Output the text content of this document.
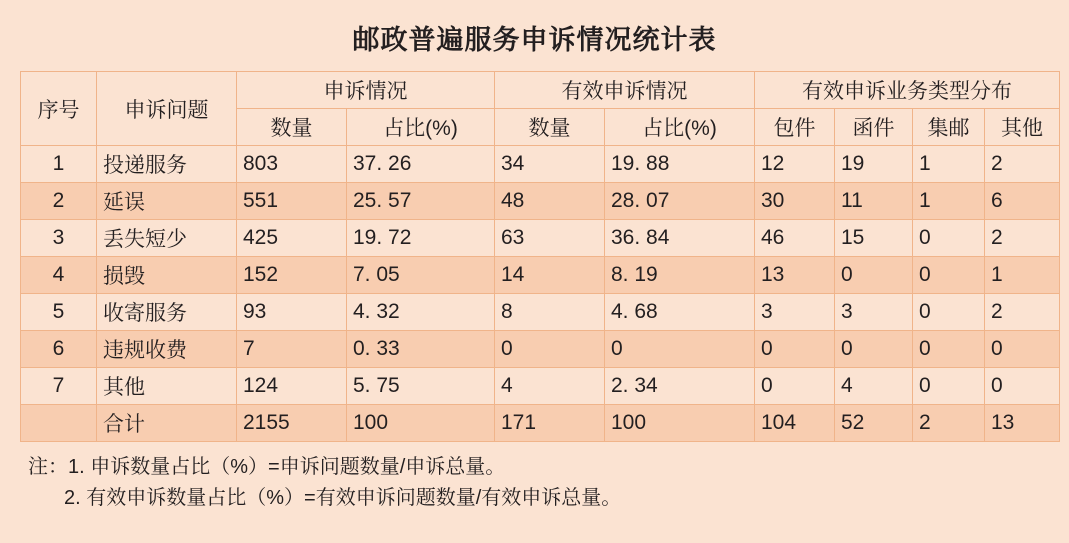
邮政普遍服务申诉情况统计表
序号	申诉问题	申诉情况		有效申诉情况		有效申诉业务类型分布			
		数量	占比(%)	数量	占比(%)	包件	函件	集邮	其他
1	投递服务	803	37. 26	34	19. 88	12	19	1	2
2	延误	551	25. 57	48	28. 07	30	11	1	6
3	丢失短少	425	19. 72	63	36. 84	46	15	0	2
4	损毁	152	7. 05	14	8. 19	13	0	0	1
5	收寄服务	93	4. 32	8	4. 68	3	3	0	2
6	违规收费	7	0. 33	0	0	0	0	0	0
7	其他	124	5. 75	4	2. 34	0	4	0	0
	合计	2155	100	171	100	104	52	2	13
注：1. 申诉数量占比（%）=申诉问题数量/申诉总量。
2. 有效申诉数量占比（%）=有效申诉问题数量/有效申诉总量。
